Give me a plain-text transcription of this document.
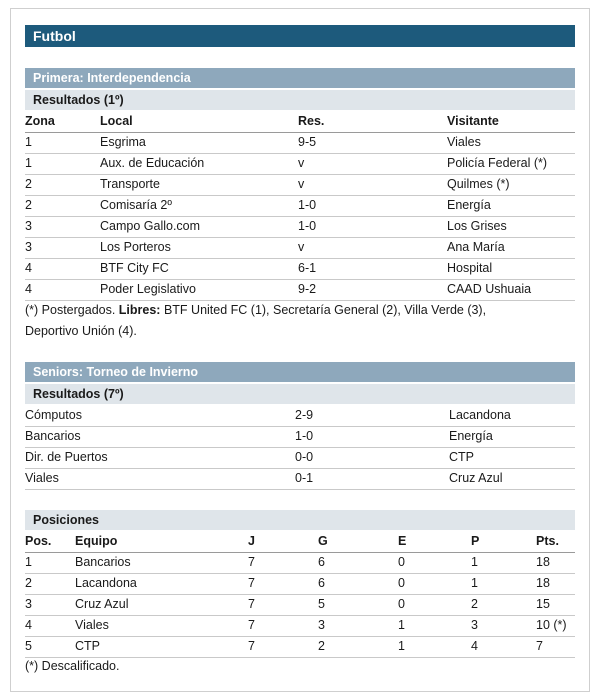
Futbol
Primera: Interdependencia
Resultados (1º)
Zona	Local	Res.	Visitante
1	Esgrima	9-5	Viales
1	Aux. de Educación	v	Policía Federal (*)
2	Transporte	v	Quilmes (*)
2	Comisaría 2º	1-0	Energía
3	Campo Gallo.com	1-0	Los Grises
3	Los Porteros	v	Ana María
4	BTF City FC	6-1	Hospital
4	Poder Legislativo	9-2	CAAD Ushuaia
(*) Postergados. Libres: BTF United FC (1), Secretaría General (2), Villa Verde (3),
Deportivo Unión (4).
Seniors: Torneo de Invierno
Resultados (7º)
Cómputos	2-9	Lacandona
Bancarios	1-0	Energía
Dir. de Puertos	0-0	CTP
Viales	0-1	Cruz Azul
Posiciones
Pos. Equipo	J	G	E	P	Pts.
1	Bancarios	7	6	0	1	18
2	Lacandona	7	6	0	1	18
3	Cruz Azul	7	5	0	2	15
4	Viales	7	3	1	3	10 (*)
5	CTP	7	2	1	4	7
(*) Descalificado.
